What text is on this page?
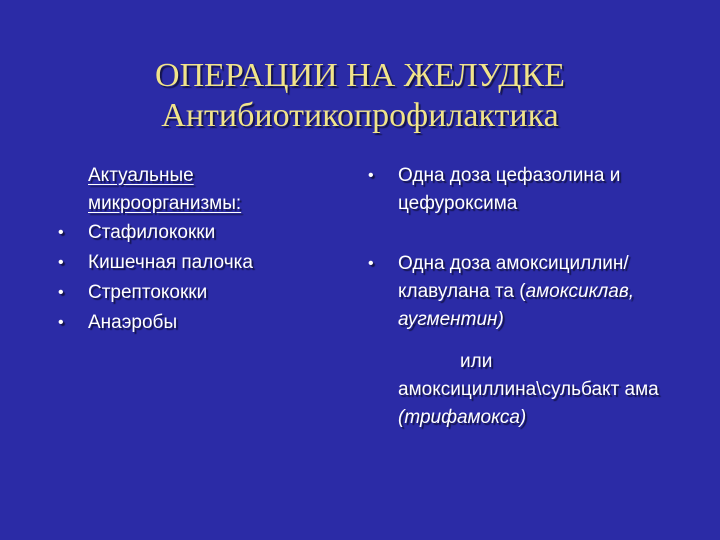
ОПЕРАЦИИ НА ЖЕЛУДКЕ
Антибиотикопрофилактика
Актуальные микроорганизмы:
• Стафилококки
• Кишечная палочка
• Стрептококки
• Анаэробы
• Одна доза цефазолина и цефуроксима
• Одна доза амоксициллин/клавулана та (амоксиклав, аугментин)
или
амоксициллина\сульбакт ама (трифамокса)
